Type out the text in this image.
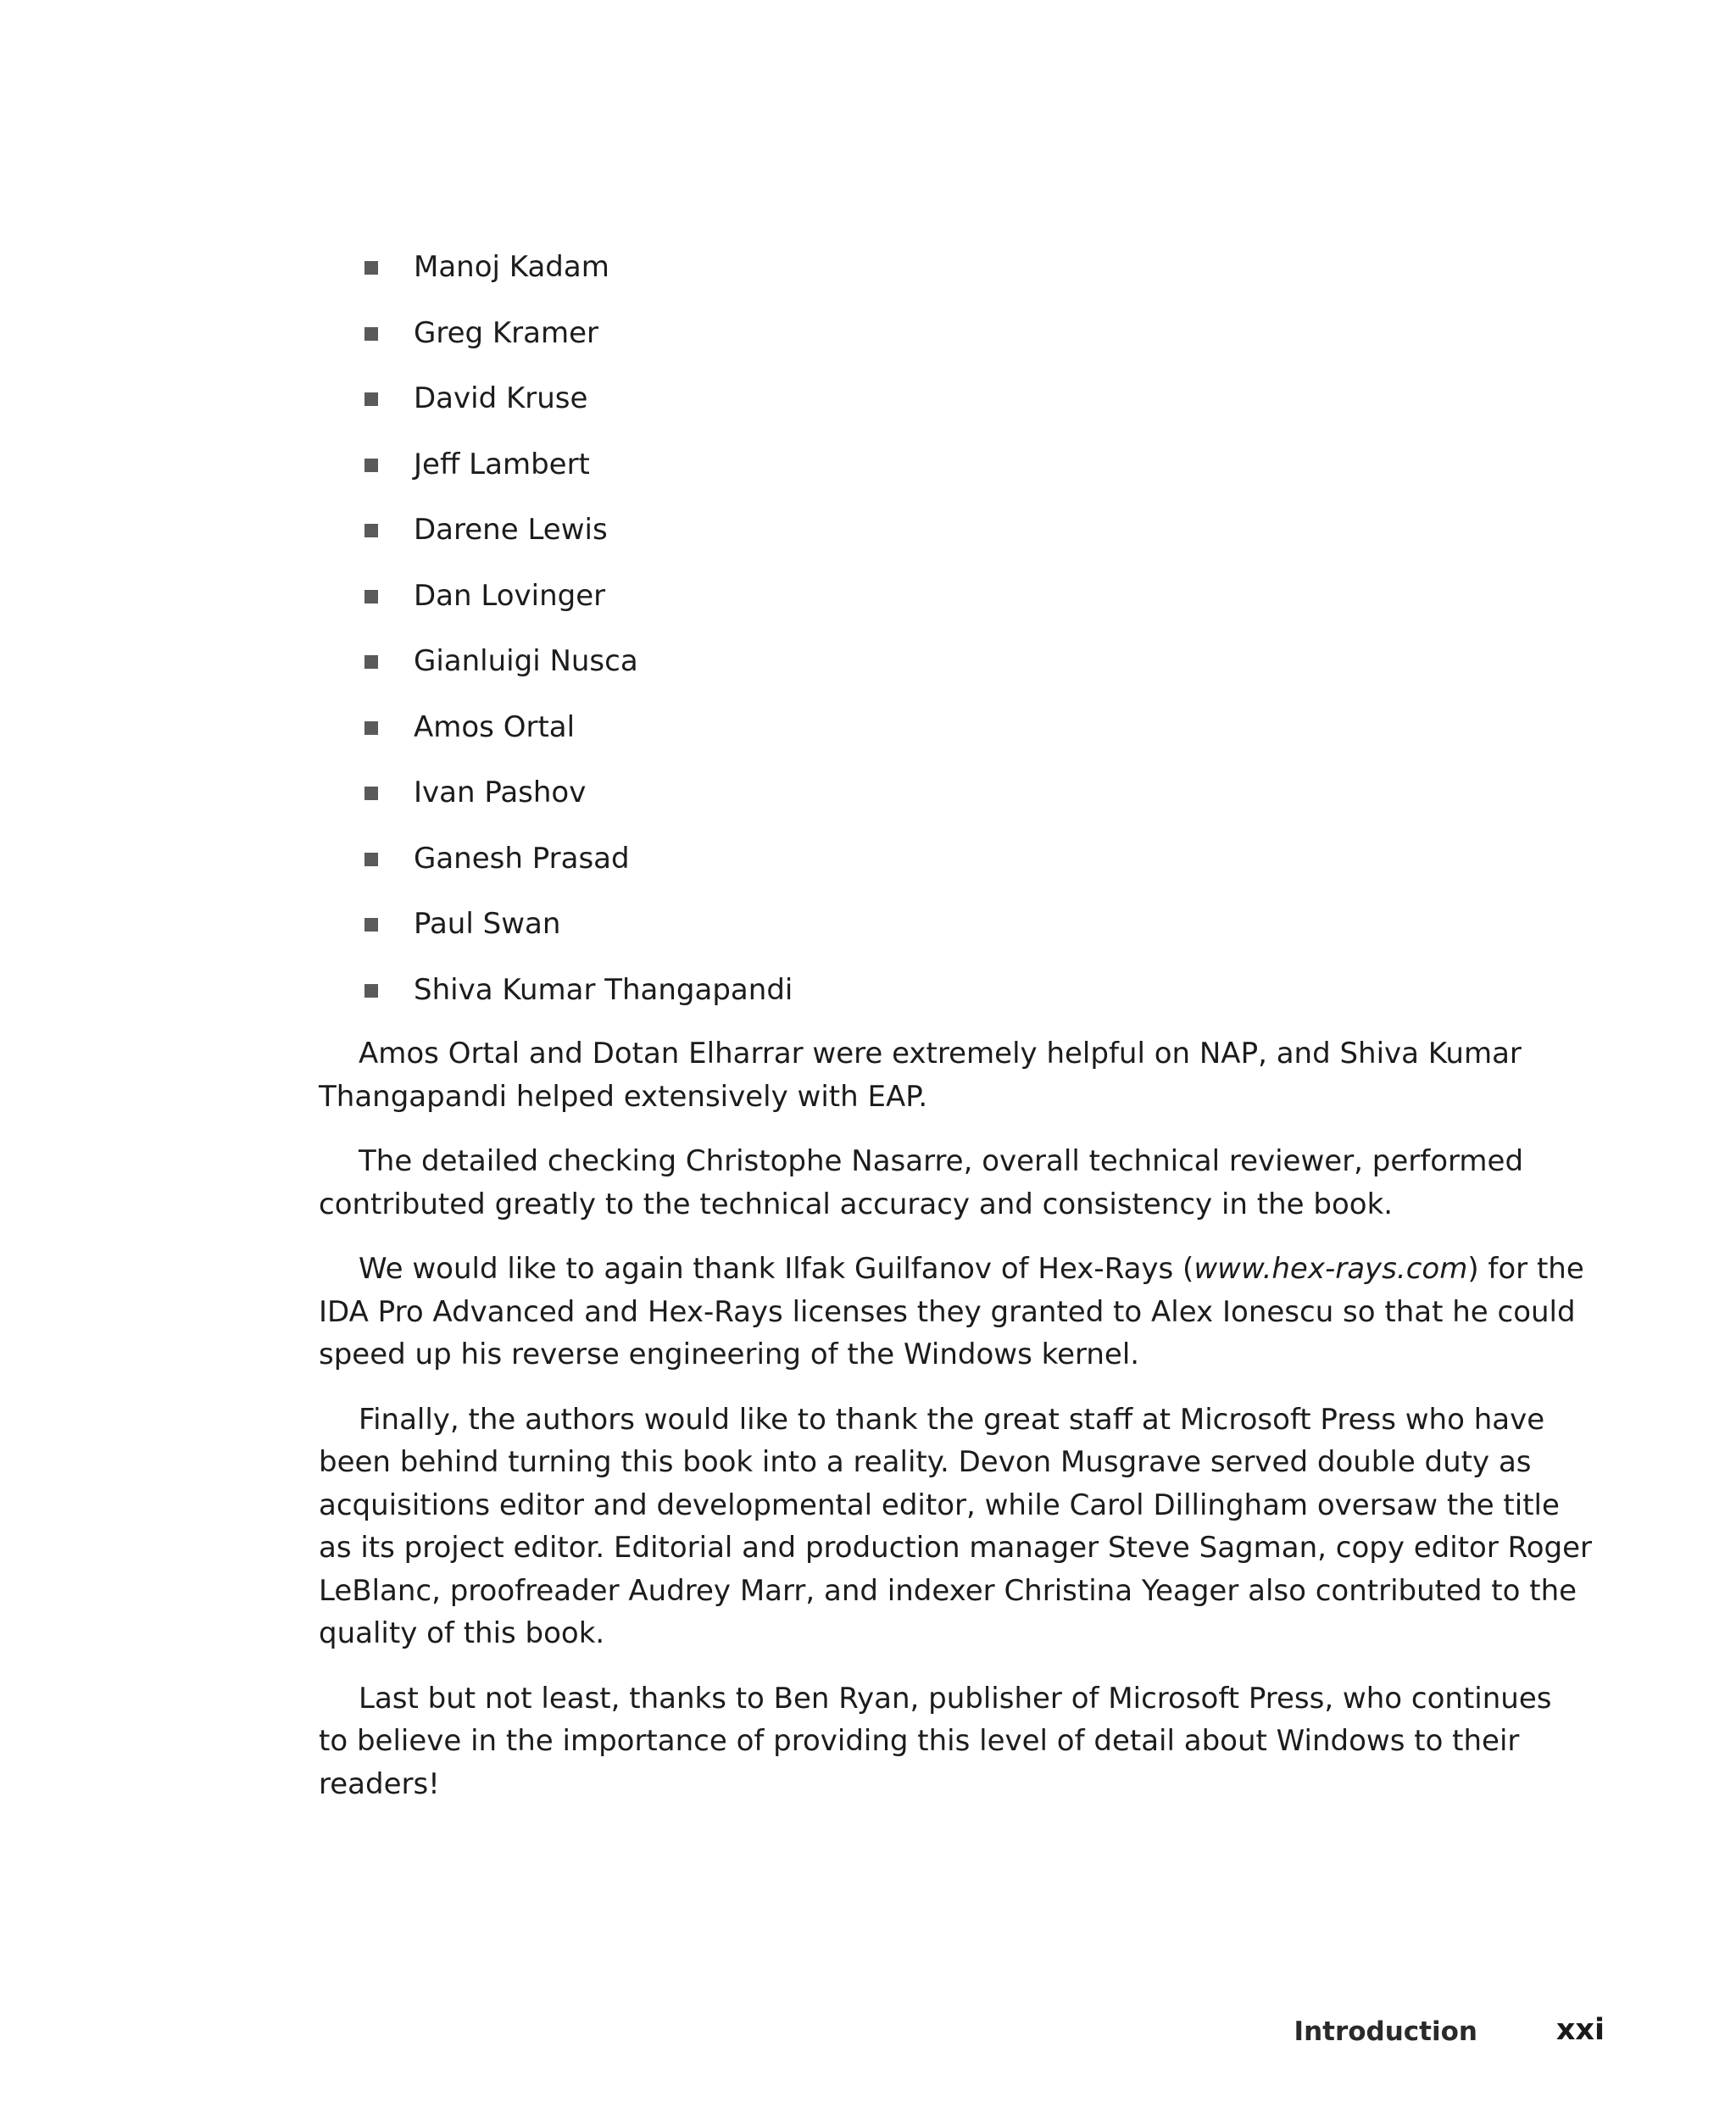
Manoj Kadam
Greg Kramer
David Kruse
Jeff Lambert
Darene Lewis
Dan Lovinger
Gianluigi Nusca
Amos Ortal
Ivan Pashov
Ganesh Prasad
Paul Swan
Shiva Kumar Thangapandi

Amos Ortal and Dotan Elharrar were extremely helpful on NAP, and Shiva Kumar
Thangapandi helped extensively with EAP.

The detailed checking Christophe Nasarre, overall technical reviewer, performed
contributed greatly to the technical accuracy and consistency in the book.

We would like to again thank Ilfak Guilfanov of Hex-Rays (www.hex-rays.com) for the
IDA Pro Advanced and Hex-Rays licenses they granted to Alex Ionescu so that he could
speed up his reverse engineering of the Windows kernel.

Finally, the authors would like to thank the great staff at Microsoft Press who have
been behind turning this book into a reality. Devon Musgrave served double duty as
acquisitions editor and developmental editor, while Carol Dillingham oversaw the title
as its project editor. Editorial and production manager Steve Sagman, copy editor Roger
LeBlanc, proofreader Audrey Marr, and indexer Christina Yeager also contributed to the
quality of this book.

Last but not least, thanks to Ben Ryan, publisher of Microsoft Press, who continues
to believe in the importance of providing this level of detail about Windows to their
readers!

Introduction	xxi
